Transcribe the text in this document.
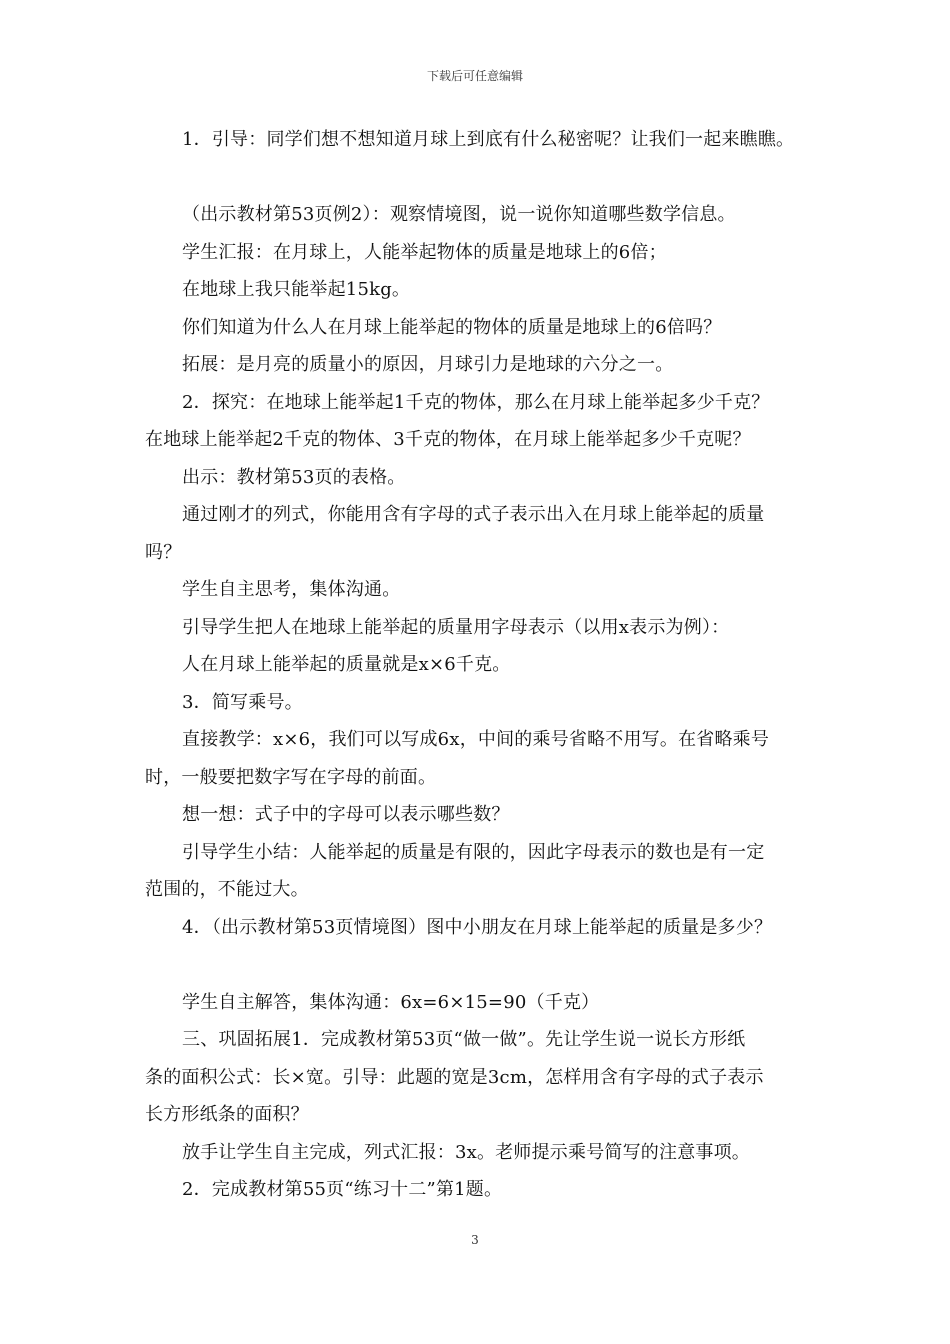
下载后可任意编辑
1．引导：同学们想不想知道月球上到底有什么秘密呢？让我们一起来瞧瞧。
（出示教材第53页例2）：观察情境图，说一说你知道哪些数学信息。
学生汇报：在月球上，人能举起物体的质量是地球上的6倍；
在地球上我只能举起15kg。
你们知道为什么人在月球上能举起的物体的质量是地球上的6倍吗？
拓展：是月亮的质量小的原因，月球引力是地球的六分之一。
2．探究：在地球上能举起1千克的物体，那么在月球上能举起多少千克？
在地球上能举起2千克的物体、3千克的物体，在月球上能举起多少千克呢？
出示：教材第53页的表格。
通过刚才的列式，你能用含有字母的式子表示出入在月球上能举起的质量
吗？
学生自主思考，集体沟通。
引导学生把人在地球上能举起的质量用字母表示（以用x表示为例）：
人在月球上能举起的质量就是x×6千克。
3．简写乘号。
直接教学：x×6，我们可以写成6x，中间的乘号省略不用写。在省略乘号
时，一般要把数字写在字母的前面。
想一想：式子中的字母可以表示哪些数？
引导学生小结：人能举起的质量是有限的，因此字母表示的数也是有一定
范围的，不能过大。
4．（出示教材第53页情境图）图中小朋友在月球上能举起的质量是多少？
学生自主解答，集体沟通：6x=6×15=90（千克）
三、巩固拓展1．完成教材第53页“做一做”。先让学生说一说长方形纸
条的面积公式：长×宽。引导：此题的宽是3cm，怎样用含有字母的式子表示
长方形纸条的面积？
放手让学生自主完成，列式汇报：3x。老师提示乘号简写的注意事项。
2．完成教材第55页“练习十二”第1题。
3
